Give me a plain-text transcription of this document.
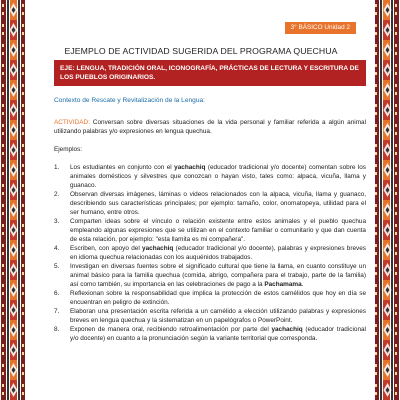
3° BÁSICO Unidad 2
EJEMPLO DE ACTIVIDAD SUGERIDA DEL PROGRAMA QUECHUA
EJE: LENGUA, TRADICIÓN ORAL, ICONOGRAFÍA, PRÁCTICAS DE LECTURA Y ESCRITURA DE LOS PUEBLOS ORIGINARIOS.
Contexto de Rescate y Revitalización de la Lengua:

ACTIVIDAD: Conversan sobre diversas situaciones de la vida personal y familiar referida a algún animal utilizando palabras y/o expresiones en lengua quechua.

Ejemplos:
1.	Los estudiantes en conjunto con el yachachiq (educador tradicional y/o docente) comentan sobre los animales domésticos y silvestres que conozcan o hayan visto, tales como: alpaca, vicuña, llama y guanaco.
2.	Observan diversas imágenes, láminas o videos relacionados con la alpaca, vicuña, llama y guanaco, describiendo sus características principales; por ejemplo: tamaño, color, onomatopeya, utilidad para el ser humano, entre otros.
3.	Comparten ideas sobre el vínculo o relación existente entre estos animales y el pueblo quechua empleando algunas expresiones que se utilizan en el contexto familiar o comunitario y que dan cuenta de esta relación, por ejemplo: "esta llamita es mi compañera".
4.	Escriben, con apoyo del yachachiq (educador tradicional y/o docente), palabras y expresiones breves en idioma quechua relacionadas con los auquénidos trabajados.
5.	Investigan en diversas fuentes sobre el significado cultural que tiene la llama, en cuanto constituye un animal básico para la familia quechua (comida, abrigo, compañera para el trabajo, parte de la familia) así como también, su importancia en las celebraciones de pago a la Pachamama.
6.	Reflexionan sobre la responsabilidad que implica la protección de estos camélidos que hoy en día se encuentran en peligro de extinción.
7.	Elaboran una presentación escrita referida a un camélido a elección utilizando palabras y expresiones breves en lengua quechua y la sistematizan en un papelógrafos o PowerPoint.
8.	Exponen de manera oral, recibiendo retroalimentación por parte del yachachiq (educador tradicional y/o docente) en cuanto a la pronunciación según la variante territorial que corresponda.
